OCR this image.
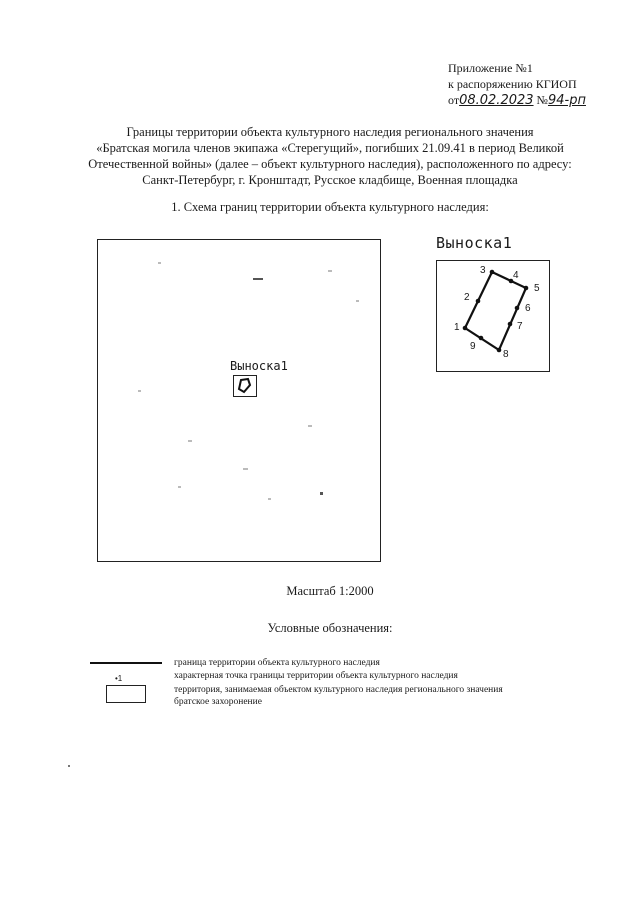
Приложение №1
к распоряжению КГИОП
от08.02.2023 №94-рп
Границы территории объекта культурного наследия регионального значения
«Братская могила членов экипажа «Стерегущий», погибших 21.09.41 в период Великой
Отечественной войны» (далее – объект культурного наследия), расположенного по адресу:
Санкт-Петербург, г. Кронштадт, Русское кладбище, Военная площадка
1. Схема границ территории объекта культурного наследия:
Выноска1
Выноска1
1
2
3	4
5
6
7
8
9
Масштаб 1:2000
Условные обозначения:
•1
граница территории объекта культурного наследия
характерная точка границы территории объекта культурного наследия
территория, занимаемая объектом культурного наследия регионального значения
братское захоронение
